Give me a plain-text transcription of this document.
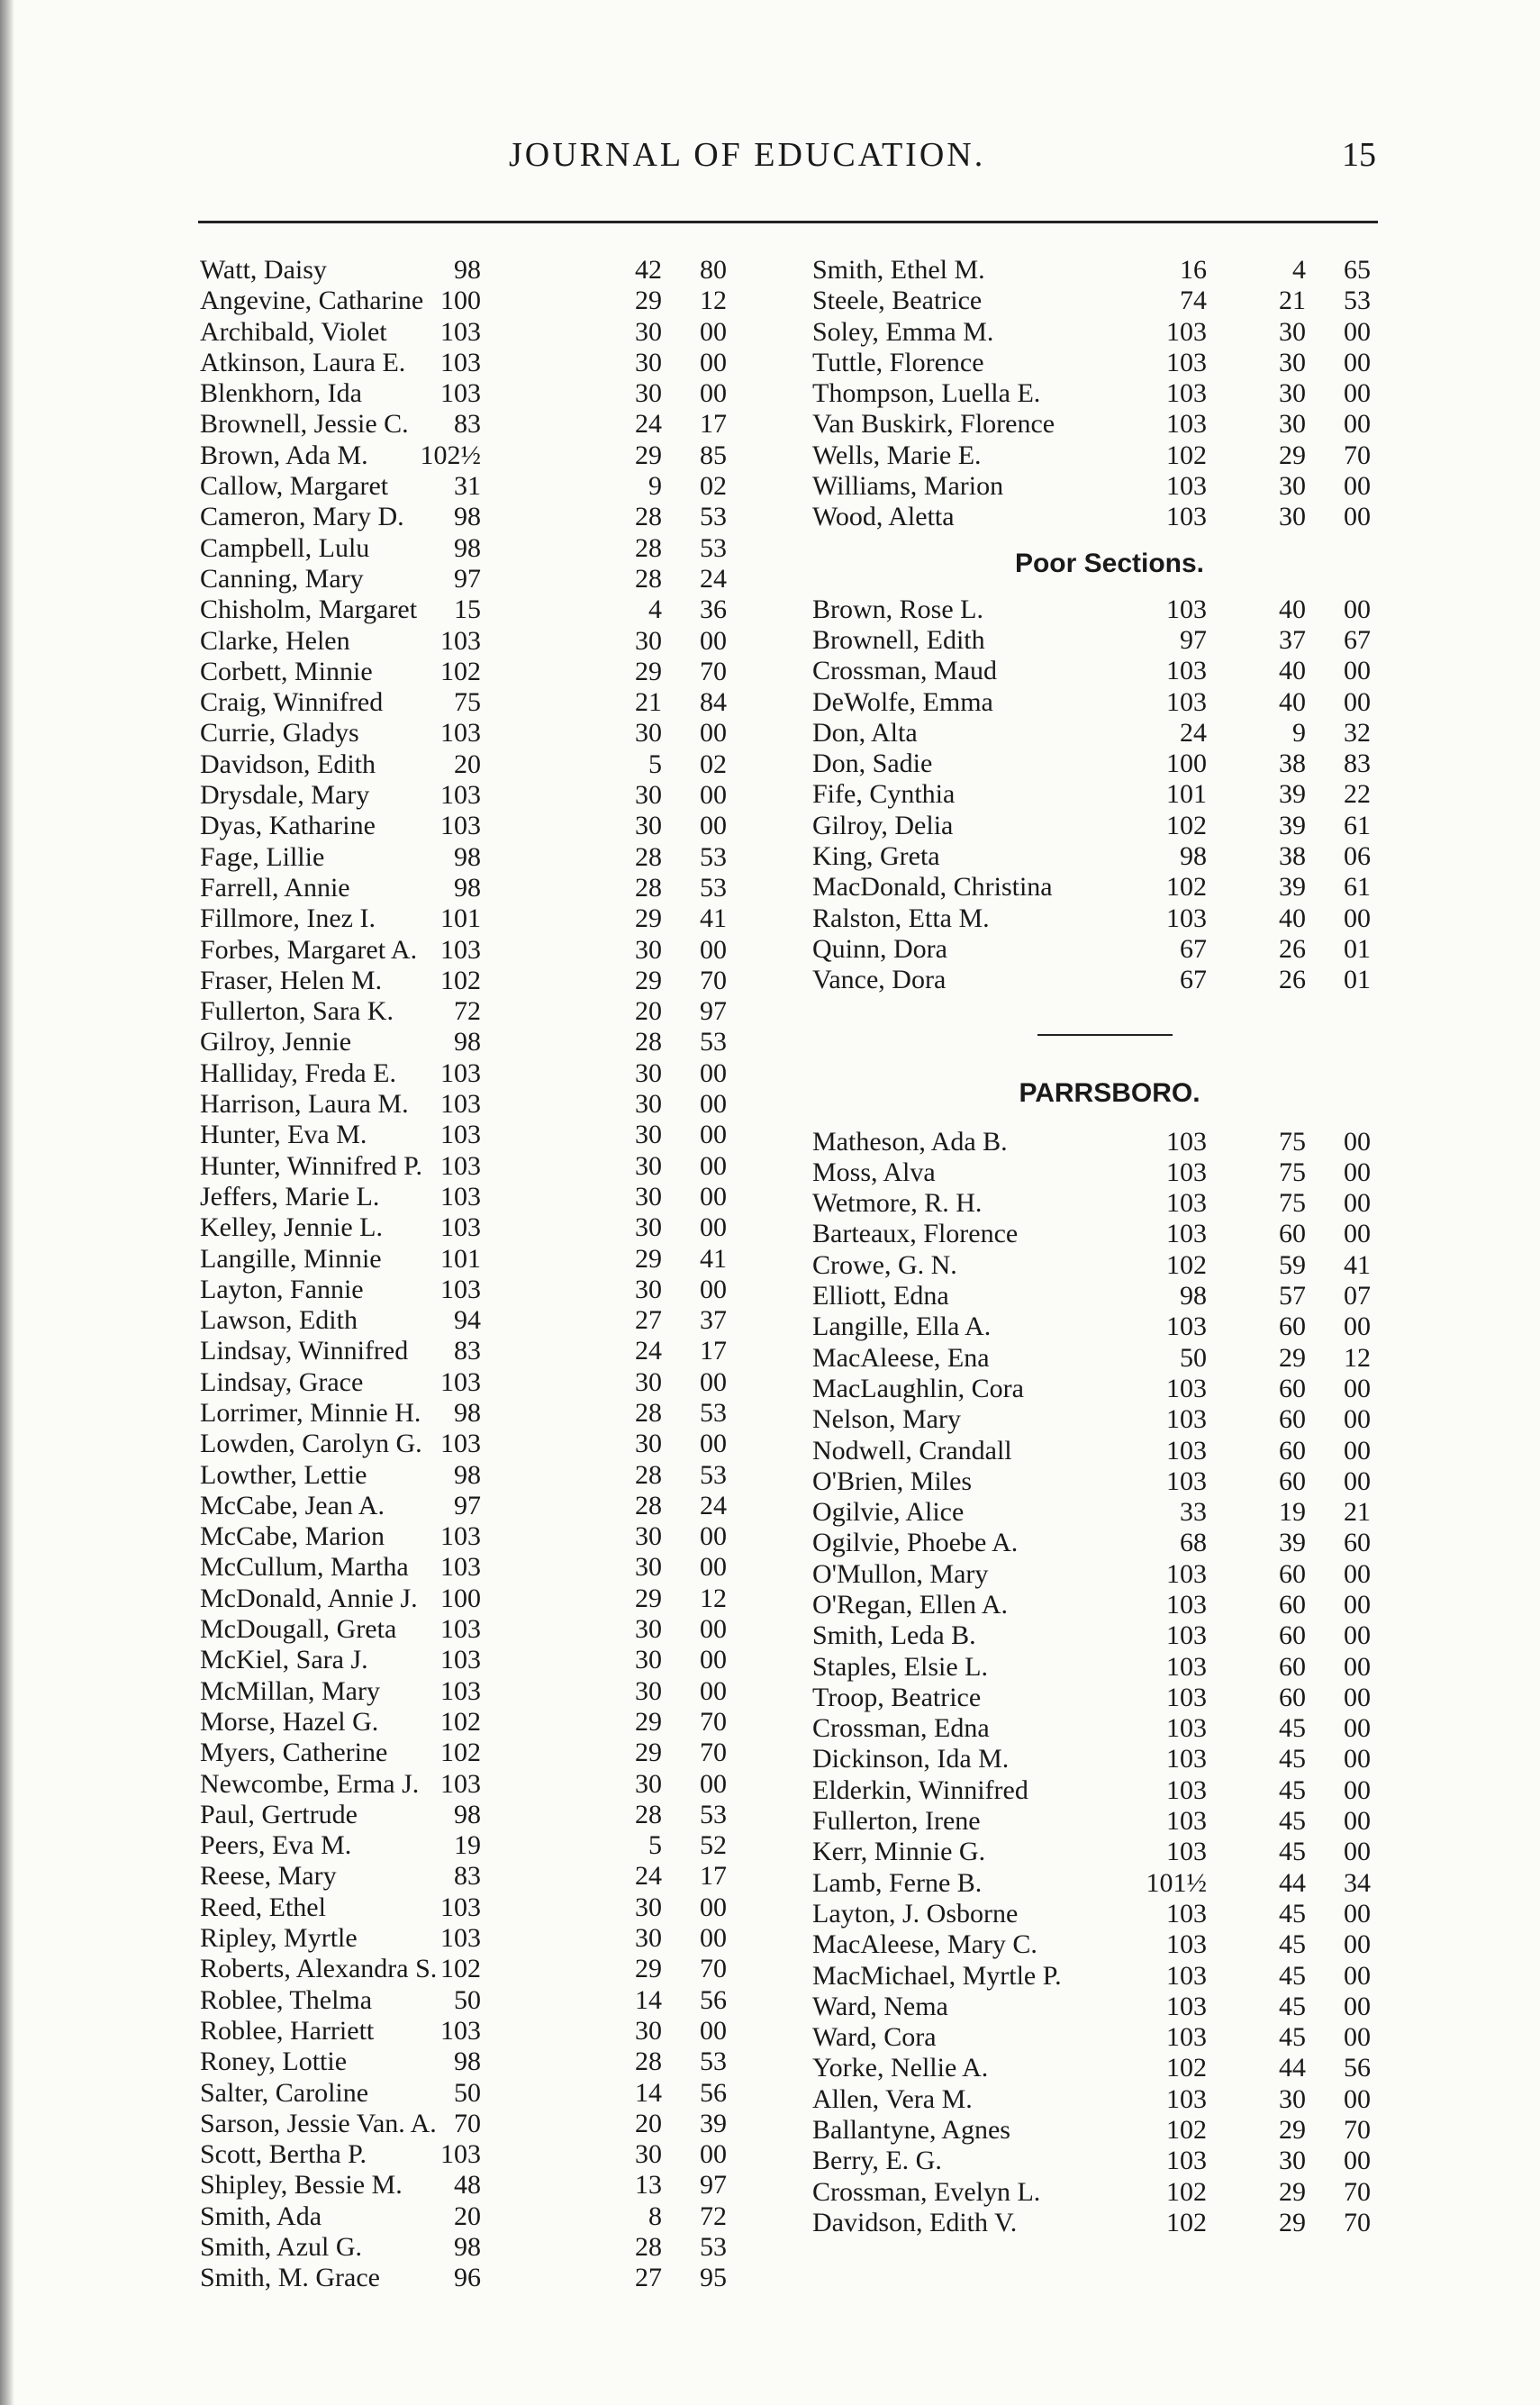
JOURNAL OF EDUCATION.	15
Watt, Daisy	98	42 80
Angevine, Catharine 100	29 12
Archibald, Violet 103	30 00
Atkinson, Laura E. 103	30 00
Blenkhorn, Ida	103	30 00
Brownell, Jessie C. 83	24 17
Brown, Ada M. 102½	29 85
Callow, Margaret 31	9 02
Cameron, Mary D. 98	28 53
Campbell, Lulu	98	28 53
Canning, Mary	97	28 24
Chisholm, Margaret 15	4 36
Clarke, Helen	103	30 00
Corbett, Minnie	102	29 70
Craig, Winnifred	75	21 84
Currie, Gladys	103	30 00
Davidson, Edith	20	5 02
Drysdale, Mary	103	30 00
Dyas, Katharine 103	30 00
Fage, Lillie	98	28 53
Farrell, Annie	98	28 53
Fillmore, Inez I. 101	29 41
Forbes, Margaret A. 103	30 00
Fraser, Helen M. 102	29 70
Fullerton, Sara K. 72	20 97
Gilroy, Jennie	98	28 53
Halliday, Freda E. 103	30 00
Harrison, Laura M. 103	30 00
Hunter, Eva M.	103	30 00
Hunter, Winnifred P. 103	30 00
Jeffers, Marie L. 103	30 00
Kelley, Jennie L. 103	30 00
Langille, Minnie 101	29 41
Layton, Fannie	103	30 00
Lawson, Edith	94	27 37
Lindsay, Winnifred 83	24 17
Lindsay, Grace	103	30 00
Lorrimer, Minnie H. 98	28 53
Lowden, Carolyn G. 103	30 00
Lowther, Lettie	98	28 53
McCabe, Jean A.	97	28 24
McCabe, Marion 103	30 00
McCullum, Martha 103	30 00
McDonald, Annie J. 100	29 12
McDougall, Greta 103	30 00
McKiel, Sara J.	103	30 00
McMillan, Mary 103	30 00
Morse, Hazel G. 102	29 70
Myers, Catherine 102	29 70
Newcombe, Erma J. 103	30 00
Paul, Gertrude	98	28 53
Peers, Eva M.	19	5 52
Reese, Mary	83	24 17
Reed, Ethel	103	30 00
Ripley, Myrtle	103	30 00
Roberts, Alexandra S. 102	29 70
Roblee, Thelma	50	14 56
Roblee, Harriett 103	30 00
Roney, Lottie	98	28 53
Salter, Caroline	50	14 56
Sarson, Jessie Van. A. 70	20 39
Scott, Bertha P.	103	30 00
Shipley, Bessie M. 48	13 97
Smith, Ada	20	8 72
Smith, Azul G.	98	28 53
Smith, M. Grace	96	27 95
Smith, Ethel M.	16	4 65
Steele, Beatrice	74	21 53
Soley, Emma M.	103	30 00
Tuttle, Florence	103	30 00
Thompson, Luella E.	103	30 00
Van Buskirk, Florence	103	30 00
Wells, Marie E.	102	29 70
Williams, Marion	103	30 00
Wood, Aletta	103	30 00
Poor Sections.
Brown, Rose L.	103	40 00
Brownell, Edith	97	37 67
Crossman, Maud	103	40 00
DeWolfe, Emma	103	40 00
Don, Alta	24	9 32
Don, Sadie	100	38 83
Fife, Cynthia	101	39 22
Gilroy, Delia	102	39 61
King, Greta	98	38 06
MacDonald, Christina	102	39 61
Ralston, Etta M.	103	40 00
Quinn, Dora	67	26 01
Vance, Dora	67	26 01
PARRSBORO.
Matheson, Ada B.	103	75 00
Moss, Alva	103	75 00
Wetmore, R. H.	103	75 00
Barteaux, Florence	103	60 00
Crowe, G. N.	102	59 41
Elliott, Edna	98	57 07
Langille, Ella A.	103	60 00
MacAleese, Ena	50	29 12
MacLaughlin, Cora	103	60 00
Nelson, Mary	103	60 00
Nodwell, Crandall	103	60 00
O'Brien, Miles	103	60 00
Ogilvie, Alice	33	19 21
Ogilvie, Phoebe A.	68	39 60
O'Mullon, Mary	103	60 00
O'Regan, Ellen A.	103	60 00
Smith, Leda B.	103	60 00
Staples, Elsie L.	103	60 00
Troop, Beatrice	103	60 00
Crossman, Edna	103	45 00
Dickinson, Ida M.	103	45 00
Elderkin, Winnifred	103	45 00
Fullerton, Irene	103	45 00
Kerr, Minnie G.	103	45 00
Lamb, Ferne B.	101½	44 34
Layton, J. Osborne	103	45 00
MacAleese, Mary C.	103	45 00
MacMichael, Myrtle P.	103	45 00
Ward, Nema	103	45 00
Ward, Cora	103	45 00
Yorke, Nellie A.	102	44 56
Allen, Vera M.	103	30 00
Ballantyne, Agnes	102	29 70
Berry, E. G.	103	30 00
Crossman, Evelyn L.	102	29 70
Davidson, Edith V.	102	29 70
